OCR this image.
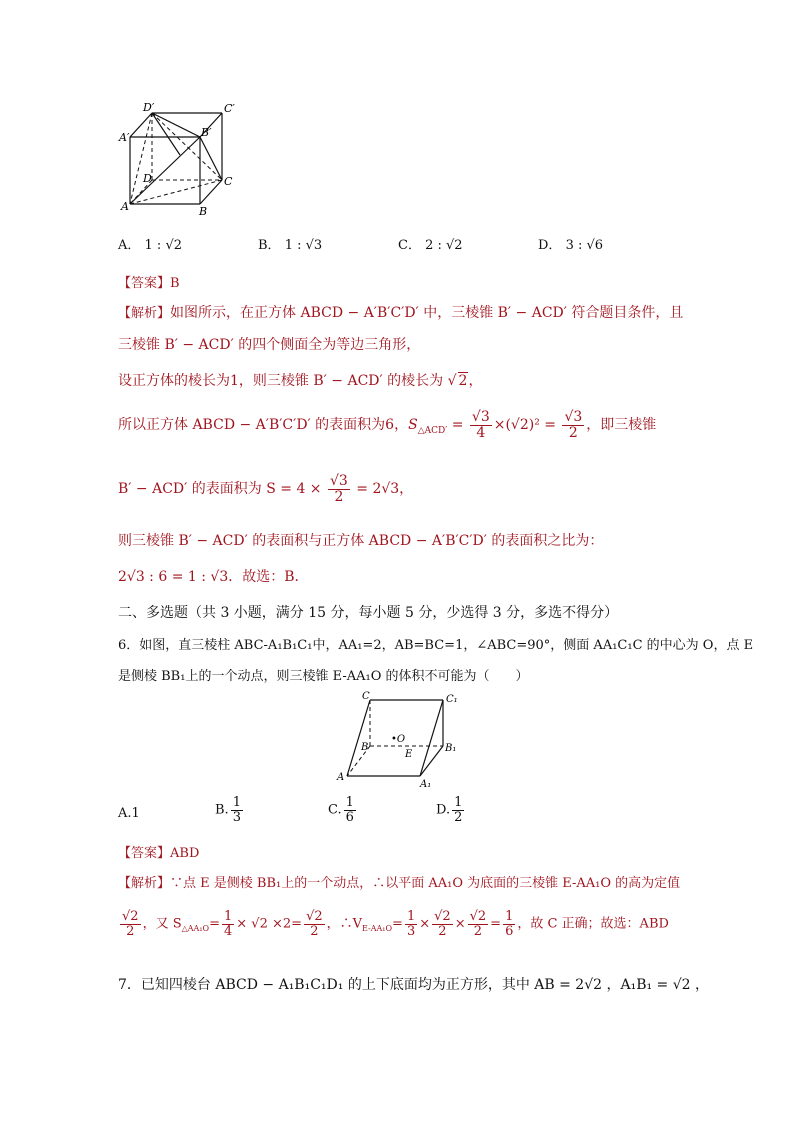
D′	C′
A′	B′
D	C
A	B
A． 1 : √2	B． 1 : √3	C． 2 : √2	D． 3 : √6
【答案】B
【解析】如图所示，在正方体 ABCD − A′B′C′D′ 中，三棱锥 B′ − ACD′ 符合题目条件，且
三棱锥 B′ − ACD′ 的四个侧面全为等边三角形，
设正方体的棱长为1，则三棱锥 B′ − ACD′ 的棱长为 √ 2，
所以正方体 ABCD − A′B′C′D′ 的表面积为6，$S_{\triangle ACD'} = \frac{√3}{4} \times(√2)^2 = \frac{√3}{2}$ ，即三棱锥
B′ − ACD′ 的表面积为 $S = 4 \times \frac{√3}{2} = 2√3$，
则三棱锥 B′ − ACD′ 的表面积与正方体 ABCD − A′B′C′D′ 的表面积之比为：
2√3 : 6 = 1 : √3．故选：B．
二、多选题（共 3 小题，满分 15 分，每小题 5 分，少选得 3 分，多选不得分）
6．如图，直三棱柱 ABC-A₁B₁C₁中，AA₁=2，AB=BC=1，∠ABC=90°，侧面 AA₁C₁C 的中心为 O，点 E
是侧棱 BB₁上的一个动点，则三棱锥 E-AA₁O 的体积不可能为（　　）
C	C₁
B
•O
E
B₁
A
A₁
A.1	B. $\frac{1}{3}$	C. $\frac{1}{6}$	D. $\frac{1}{2}$
【答案】ABD
【解析】∵点 E 是侧棱 BB₁上的一个动点，∴以平面 AA₁O 为底面的三棱锥 E-AA₁O 的高为定值
$\frac{√2}{2}$ ，又 $S_{\triangle AA_1O}= \frac{1}{4} \times √2 \times 2= \frac{√2}{2}$ ，$\therefore V_{E-AA_1O}= \frac{1}{3} \times \frac{√2}{2} \times \frac{√2}{2} = \frac{1}{6}$ ，故 C 正确；故选：ABD
7．已知四棱台 ABCD − A₁B₁C₁D₁ 的上下底面均为正方形，其中 AB = 2√2 ，A₁B₁ = √2 ，
